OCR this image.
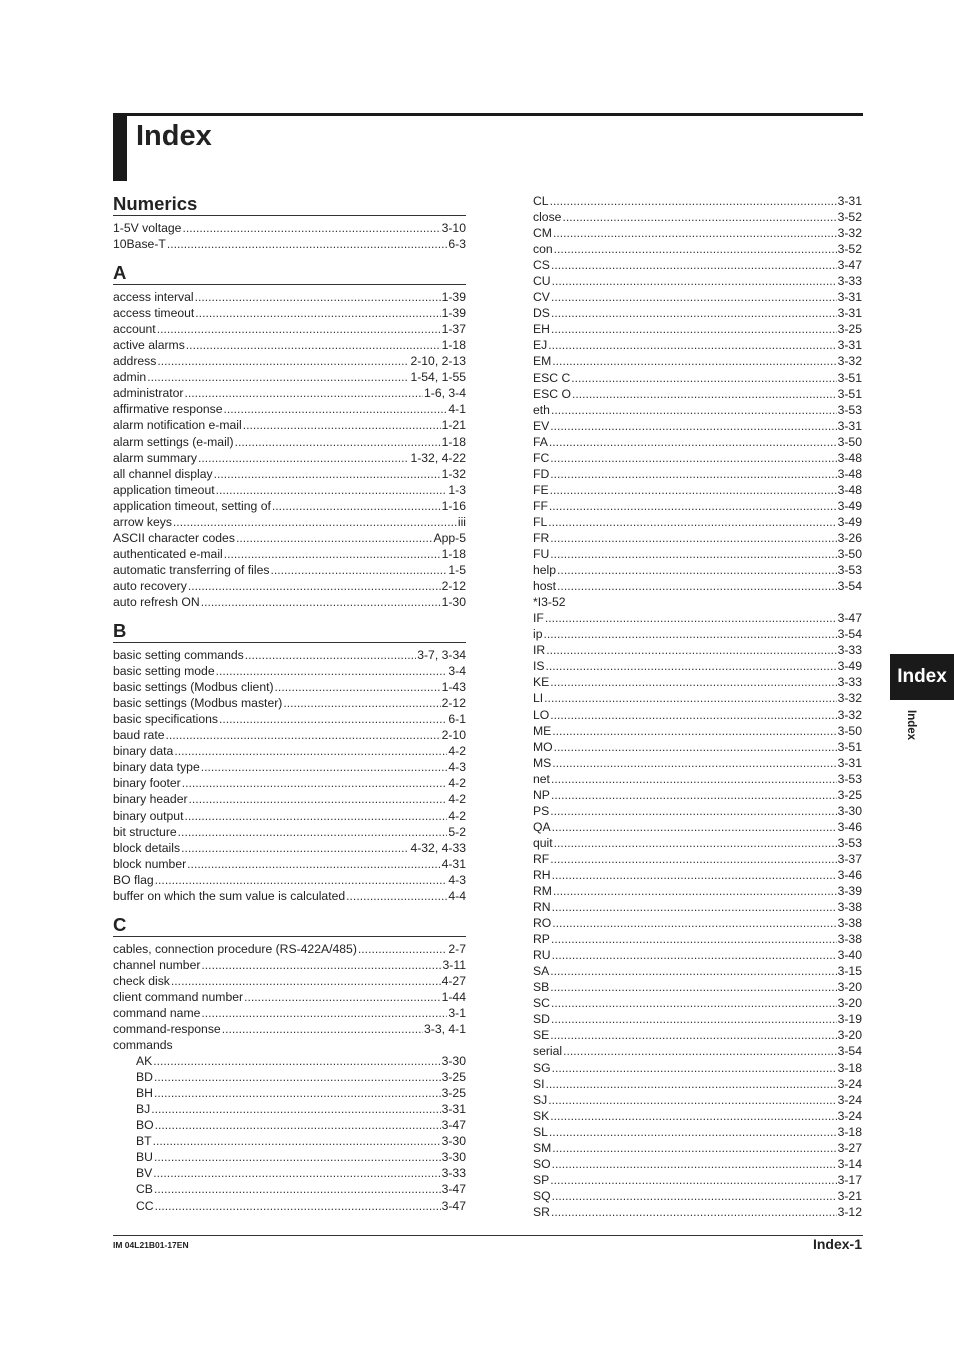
Index
Numerics
1-5V voltage .....	3-10
10Base-T .....	6-3
A
access interval .....	1-39
access timeout .....	1-39
account .....	1-37
active alarms .....	1-18
address .....	2-10, 2-13
admin .....	1-54, 1-55
administrator .....	1-6, 3-4
affirmative response .....	4-1
alarm notification e-mail .....	1-21
alarm settings (e-mail) .....	1-18
alarm summary .....	1-32, 4-22
all channel display .....	1-32
application timeout .....	1-3
application timeout, setting of .....	1-16
arrow keys .....	iii
ASCII character codes .....	App-5
authenticated e-mail .....	1-18
automatic transferring of files .....	1-5
auto recovery .....	2-12
auto refresh ON .....	1-30
B
basic setting commands .....	3-7, 3-34
basic setting mode .....	3-4
basic settings (Modbus client) .....	1-43
basic settings (Modbus master) .....	2-12
basic specifications .....	6-1
baud rate .....	2-10
binary data .....	4-2
binary data type .....	4-3
binary footer .....	4-2
binary header .....	4-2
binary output .....	4-2
bit structure .....	5-2
block details .....	4-32, 4-33
block number .....	4-31
BO flag .....	4-3
buffer on which the sum value is calculated .....	4-4
C
cables, connection procedure (RS-422A/485) .....	2-7
channel number .....	3-11
check disk .....	4-27
client command number .....	1-44
command name .....	3-1
command-response .....	3-3, 4-1
commands
AK .....	3-30
BD .....	3-25
BH .....	3-25
BJ .....	3-31
BO .....	3-47
BT .....	3-30
BU .....	3-30
BV .....	3-33
CB .....	3-47
CC .....	3-47
CL .....	3-31
close .....	3-52
CM .....	3-32
con .....	3-52
CS .....	3-47
CU .....	3-33
CV .....	3-31
DS .....	3-31
EH .....	3-25
EJ .....	3-31
EM .....	3-32
ESC C .....	3-51
ESC O .....	3-51
eth .....	3-53
EV .....	3-31
FA .....	3-50
FC .....	3-48
FD .....	3-48
FE .....	3-48
FF .....	3-49
FL .....	3-49
FR .....	3-26
FU .....	3-50
help .....	3-53
host .....	3-54
*I3-52
IF .....	3-47
ip .....	3-54
IR .....	3-33
IS .....	3-49
KE .....	3-33
LI .....	3-32
LO .....	3-32
ME .....	3-50
MO .....	3-51
MS .....	3-31
net .....	3-53
NP .....	3-25
PS .....	3-30
QA .....	3-46
quit .....	3-53
RF .....	3-37
RH .....	3-46
RM .....	3-39
RN .....	3-38
RO .....	3-38
RP .....	3-38
RU .....	3-40
SA .....	3-15
SB .....	3-20
SC .....	3-20
SD .....	3-19
SE .....	3-20
serial .....	3-54
SG .....	3-18
SI .....	3-24
SJ .....	3-24
SK .....	3-24
SL .....	3-18
SM .....	3-27
SO .....	3-14
SP .....	3-17
SQ .....	3-21
SR .....	3-12
Index
Index
IM 04L21B01-17EN	Index-1
